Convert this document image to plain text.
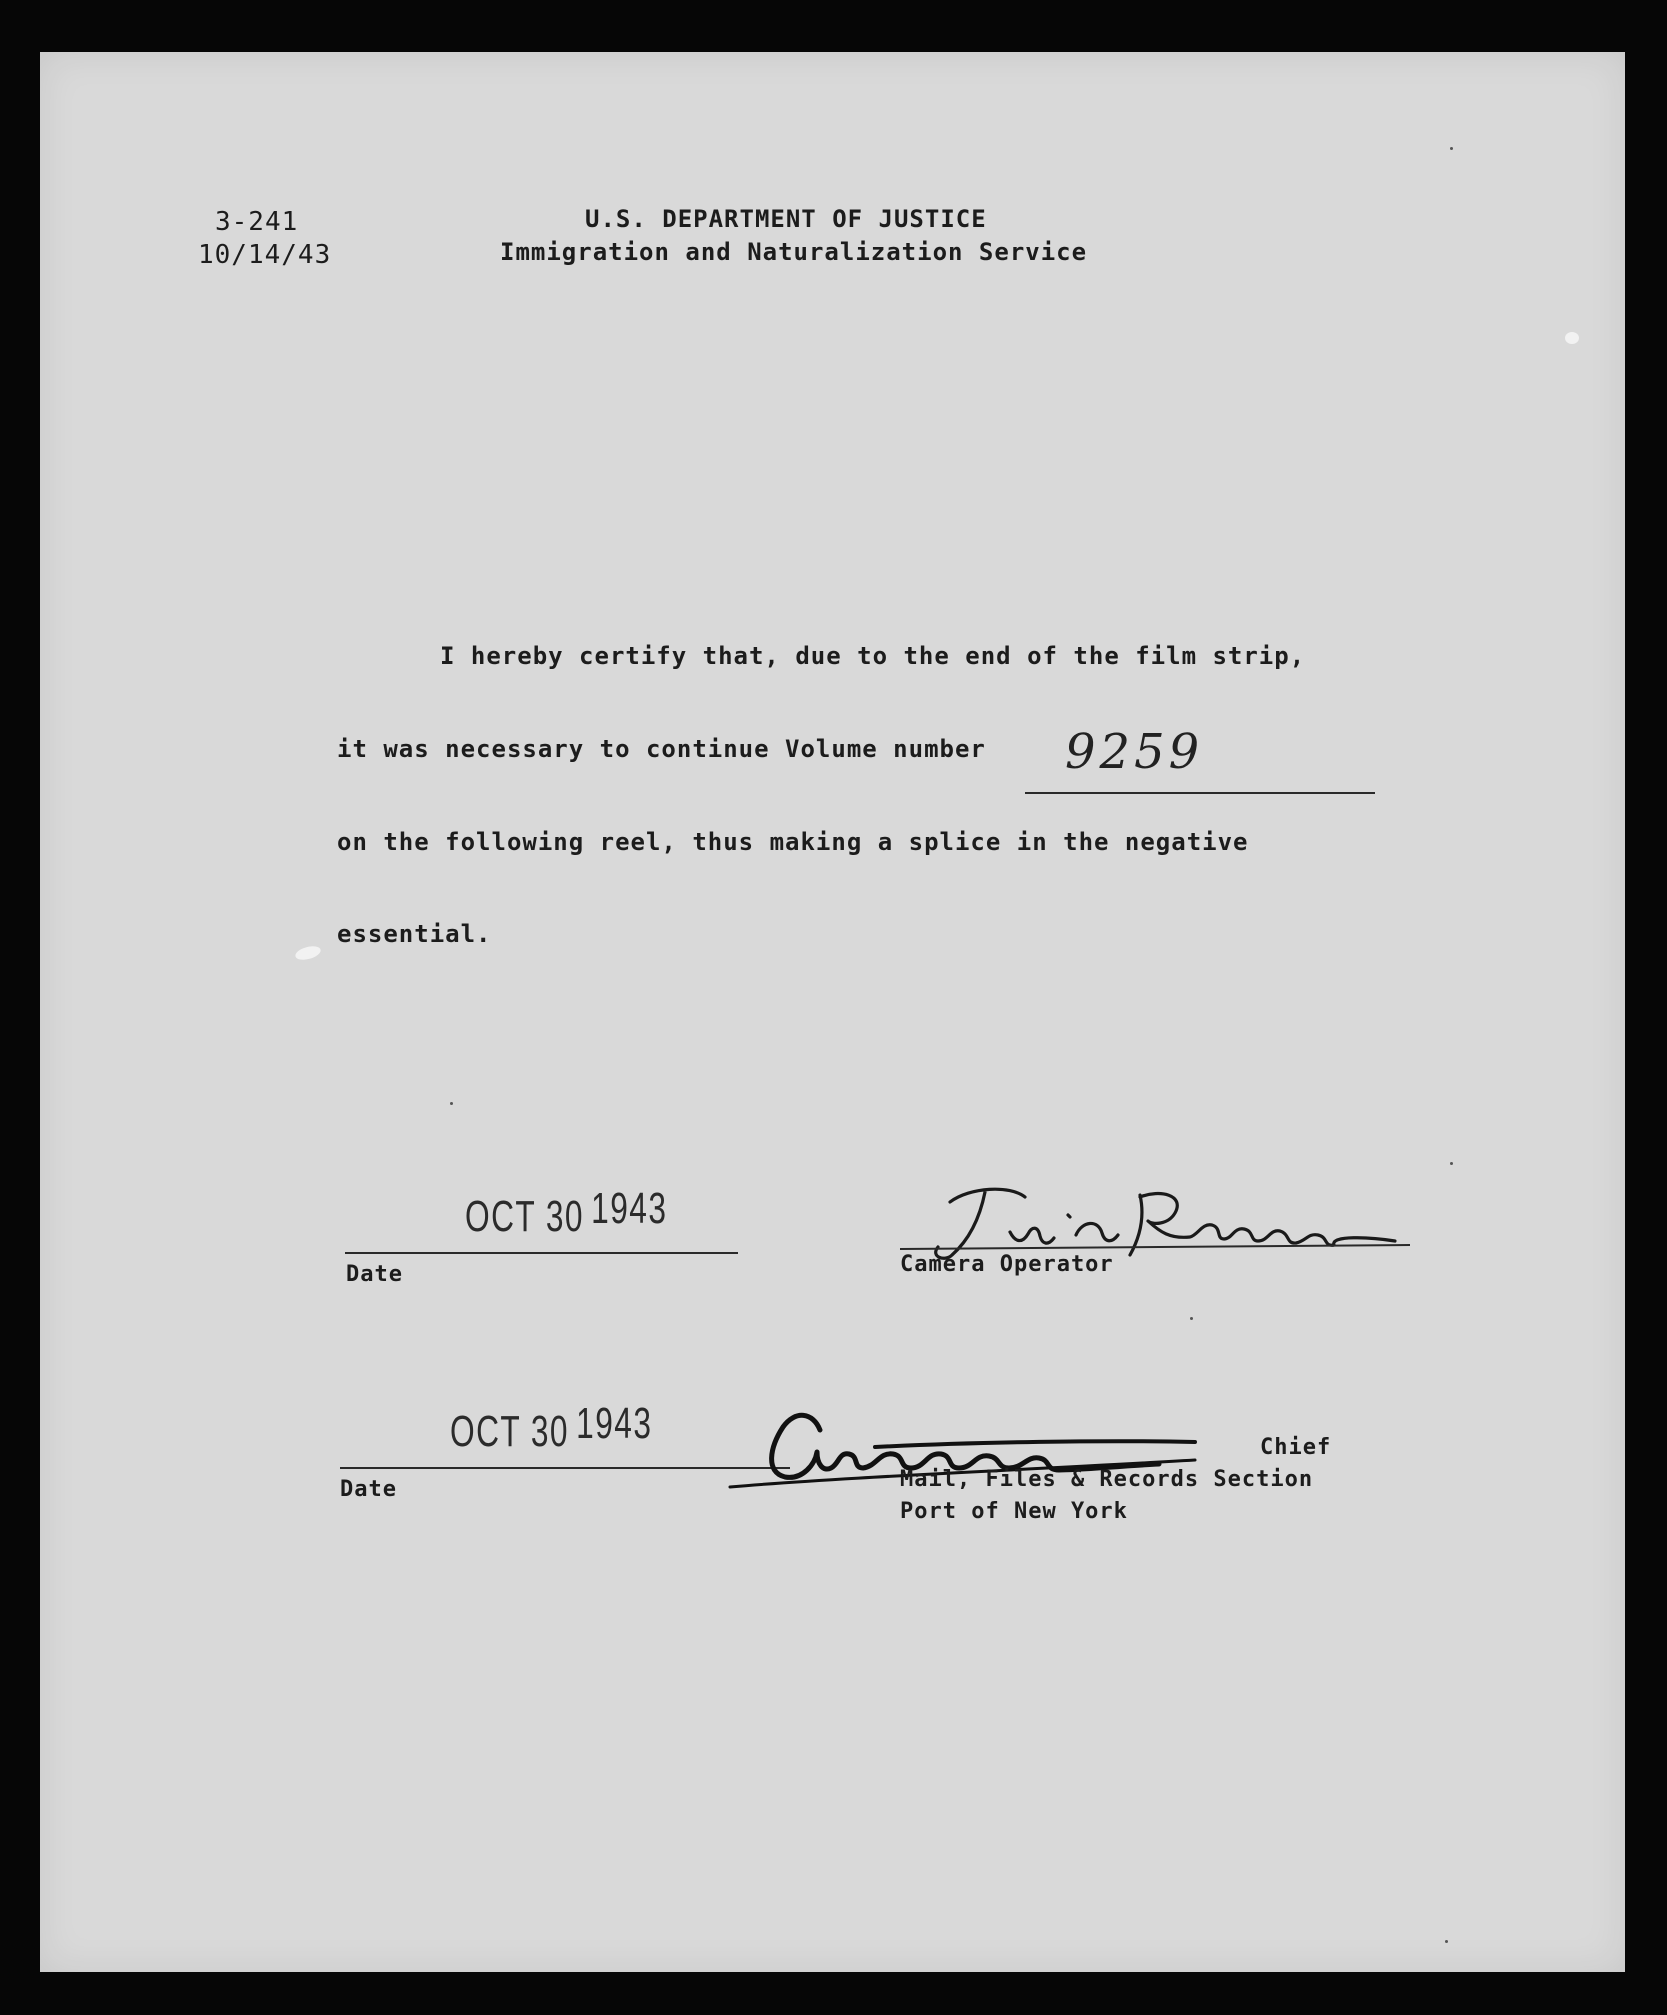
3-241
10/14/43
U.S. DEPARTMENT OF JUSTICE
Immigration and Naturalization Service
I hereby certify that, due to the end of the film strip,
it was necessary to continue Volume number 9259
on the following reel, thus making a splice in the negative
essential.
OCT 30 1943
Date	Camera Operator
OCT 30 1943
Date
Chief
Mail, Files & Records Section
Port of New York
